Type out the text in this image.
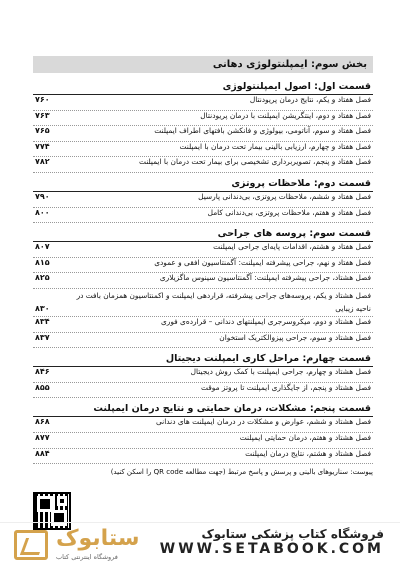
بخش سوم: ایمپلنتولوژی دهانی
قسمت اول: اصول ایمپلنتولوژی
فصل هفتاد و یکم، نتایج درمان پریودنتال
۷۶۰
فصل هفتاد و دوم، اینتگریشن ایمپلنت با درمان پریودنتال
۷۶۳
فصل هفتاد و سوم، آناتومی، بیولوژی و فانکشن بافتهای اطراف ایمپلنت
۷۶۵
فصل هفتاد و چهارم، ارزیابی بالینی بیمار تحت درمان با ایمپلنت
۷۷۴
فصل هفتاد و پنجم، تصویربرداری تشخیصی برای بیمار تحت درمان با ایمپلنت
۷۸۲
قسمت دوم: ملاحظات پروتزی
فصل هفتاد و ششم، ملاحظات پروتزی، بی‌دندانی پارسیل
۷۹۰
فصل هفتاد و هفتم، ملاحظات پروتزی، بی‌دندانی کامل
۸۰۰
قسمت سوم: پروسه های جراحی
فصل هفتاد و هشتم، اقدامات پایه‌ای جراحی ایمپلنت
۸۰۷
فصل هفتاد و نهم، جراحی پیشرفته ایمپلنت: آگمنتاسیون افقی و عمودی
۸۱۵
فصل هشتاد، جراحی پیشرفته ایمپلنت: آگمنتاسیون سینوس ماگزیلاری
۸۲۵
فصل هشتاد و یکم، پروسه‌های جراحی پیشرفته، قراردهی ایمپلنت و اکمنتاسیون همزمان بافت در ناحیه زیبایی
۸۳۰
فصل هشتاد و دوم، میکروسرجری ایمپلنتهای دندانی – قرارده‌ی فوری
۸۳۴
فصل هشتاد و سوم، جراحی پیزوالکتریک استخوان
۸۳۷
قسمت چهارم: مراحل کاری ایمپلنت دیجیتال
فصل هشتاد و چهارم، جراحی ایمپلنت با کمک روش دیجیتال
۸۴۶
فصل هشتاد و پنجم، از جایگذاری ایمپلنت تا پروتز موقت
۸۵۵
قسمت پنجم: مشکلات، درمان حمایتی و نتایج درمان ایمپلنت
فصل هشتاد و ششم، عوارض و مشکلات در درمان ایمپلنت های دندانی
۸۶۸
فصل هشتاد و هفتم، درمان حمایتی ایمپلنت
۸۷۷
فصل هشتاد و هشتم، نتایج درمان ایمپلنت
۸۸۴
پیوست: سناریوهای بالینی و پرسش و پاسخ مرتبط (جهت مطالعه QR code را اسکن کنید)
ستابوک
فروشگاه اینترنتی کتاب
فروشگاه کتاب پزشکی ستابوک
WWW.SETABOOK.COM
